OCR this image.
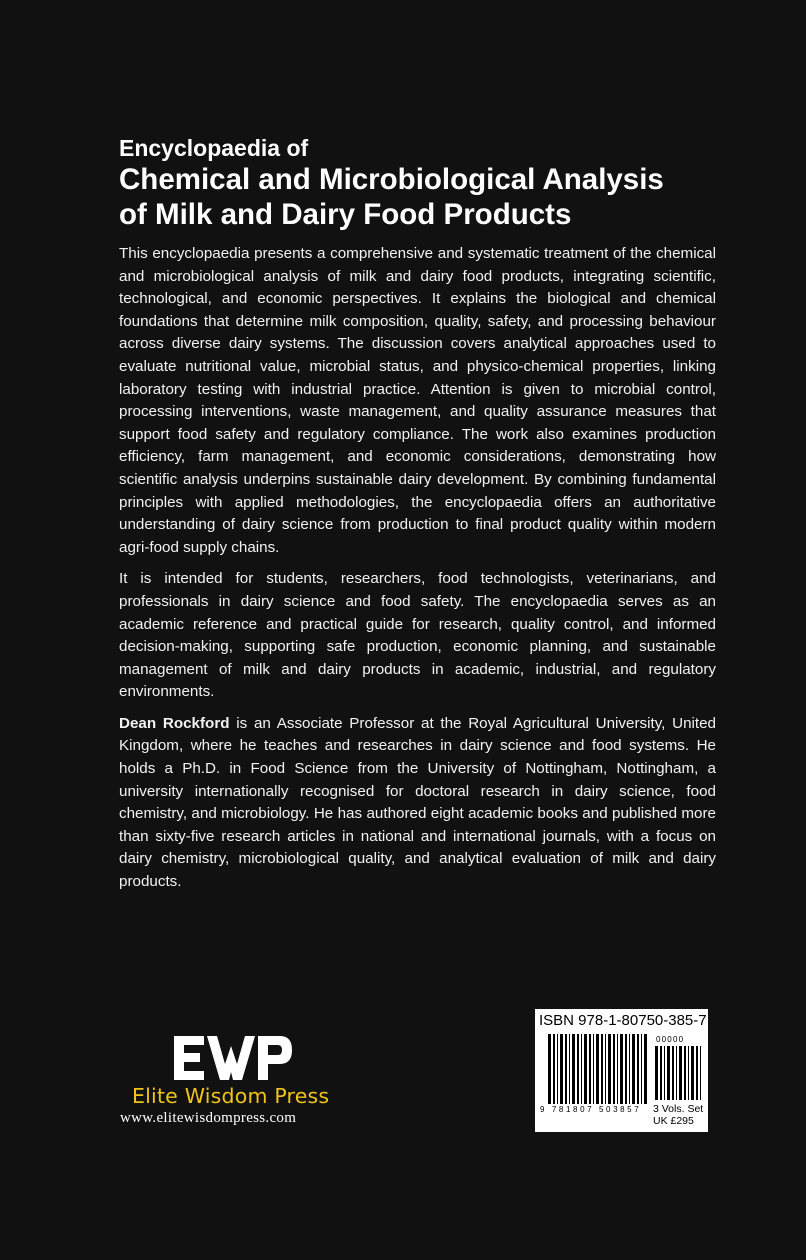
Encyclopaedia of
Chemical and Microbiological Analysis
of Milk and Dairy Food Products

This encyclopaedia presents a comprehensive and systematic treatment of the chemical and microbiological analysis of milk and dairy food products, integrating scientific, technological, and economic perspectives. It explains the biological and chemical foundations that determine milk composition, quality, safety, and processing behaviour across diverse dairy systems. The discussion covers analytical approaches used to evaluate nutritional value, microbial status, and physico-chemical properties, linking laboratory testing with industrial practice. Attention is given to microbial control, processing interventions, waste management, and quality assurance measures that support food safety and regulatory compliance. The work also examines production efficiency, farm management, and economic considerations, demonstrating how scientific analysis underpins sustainable dairy development. By combining fundamental principles with applied methodologies, the encyclopaedia offers an authoritative understanding of dairy science from production to final product quality within modern agri-food supply chains.

It is intended for students, researchers, food technologists, veterinarians, and professionals in dairy science and food safety. The encyclopaedia serves as an academic reference and practical guide for research, quality control, and informed decision-making, supporting safe production, economic planning, and sustainable management of milk and dairy products in academic, industrial, and regulatory environments.

Dean Rockford is an Associate Professor at the Royal Agricultural University, United Kingdom, where he teaches and researches in dairy science and food systems. He holds a Ph.D. in Food Science from the University of Nottingham, Nottingham, a university internationally recognised for doctoral research in dairy science, food chemistry, and microbiology. He has authored eight academic books and published more than sixty-five research articles in national and international journals, with a focus on dairy chemistry, microbiological quality, and analytical evaluation of milk and dairy products.

Elite Wisdom Press
www.elitewisdompress.com
ISBN 978-1-80750-385-7
00000
9 781807 503857 3 Vols. Set
UK £295
